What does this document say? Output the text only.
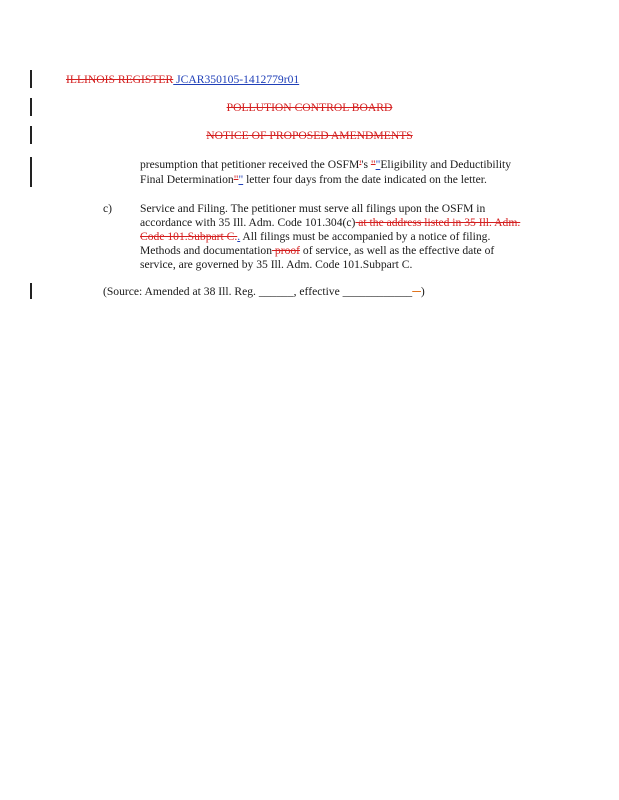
ILLINOIS REGISTER JCAR350105-1412779r01
POLLUTION CONTROL BOARD
NOTICE OF PROPOSED AMENDMENTS
presumption that petitioner received the OSFM''s ""Eligibility and Deductibility
Final Determination"" letter four days from the date indicated on the letter.
c) Service and Filing. The petitioner must serve all filings upon the OSFM in
accordance with 35 Ill. Adm. Code 101.304(c) at the address listed in 35 Ill. Adm.
Code 101.Subpart C.. All filings must be accompanied by a notice of filing.
Methods and documentation proof of service, as well as the effective date of
service, are governed by 35 Ill. Adm. Code 101.Subpart C.
(Source: Amended at 38 Ill. Reg. ______, effective ____________ )
